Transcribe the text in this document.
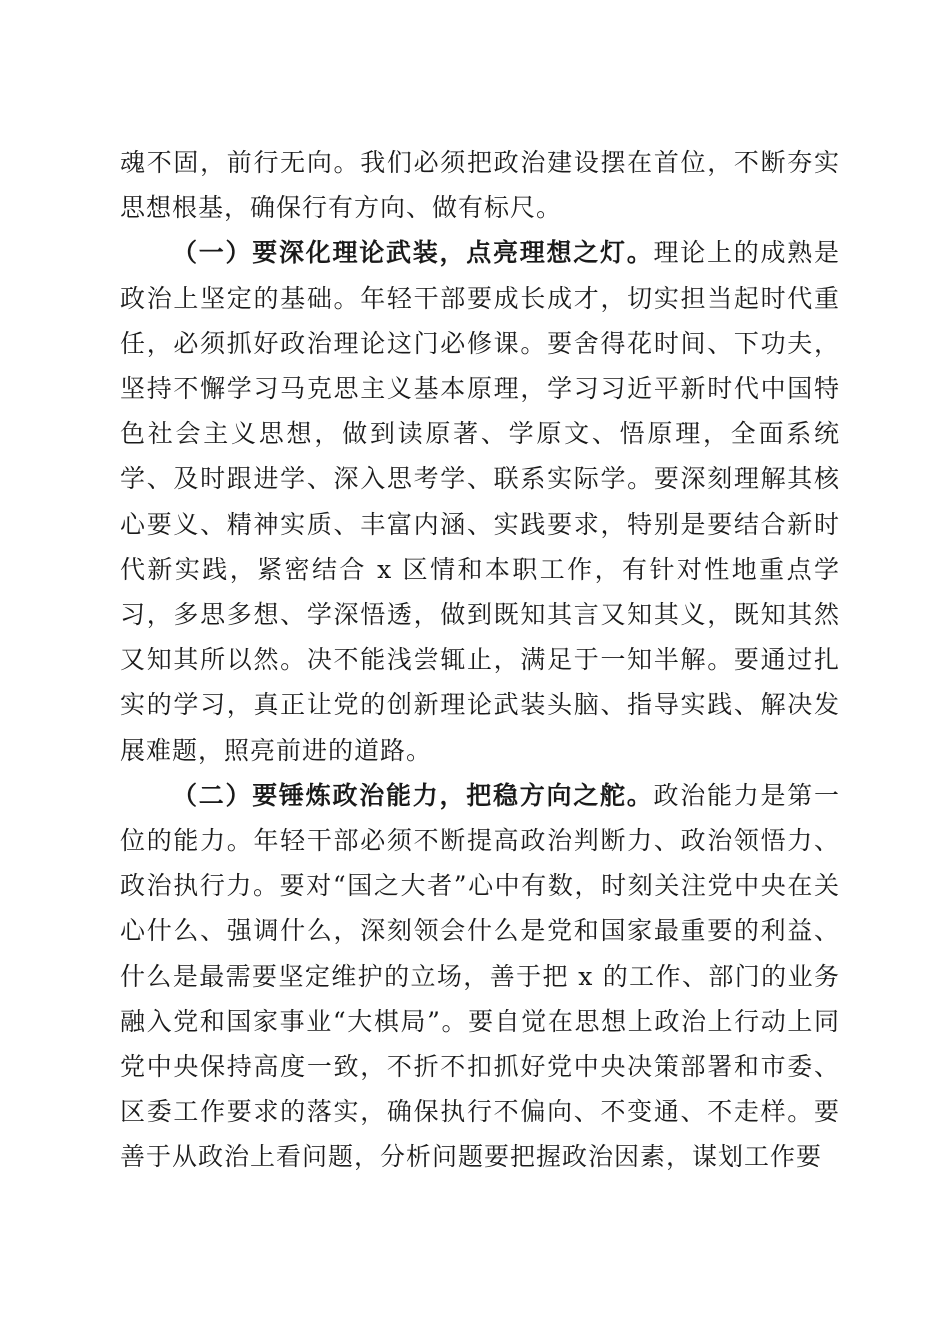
魂不固，前行无向。我们必须把政治建设摆在首位，不断夯实思想根基，确保行有方向、做有标尺。

（一）要深化理论武装，点亮理想之灯。理论上的成熟是政治上坚定的基础。年轻干部要成长成才，切实担当起时代重任，必须抓好政治理论这门必修课。要舍得花时间、下功夫，坚持不懈学习马克思主义基本原理，学习习近平新时代中国特色社会主义思想，做到读原著、学原文、悟原理，全面系统学、及时跟进学、深入思考学、联系实际学。要深刻理解其核心要义、精神实质、丰富内涵、实践要求，特别是要结合新时代新实践，紧密结合 x 区情和本职工作，有针对性地重点学习，多思多想、学深悟透，做到既知其言又知其义，既知其然又知其所以然。决不能浅尝辄止，满足于一知半解。要通过扎实的学习，真正让党的创新理论武装头脑、指导实践、解决发展难题，照亮前进的道路。

（二）要锤炼政治能力，把稳方向之舵。政治能力是第一位的能力。年轻干部必须不断提高政治判断力、政治领悟力、政治执行力。要对“国之大者”心中有数，时刻关注党中央在关心什么、强调什么，深刻领会什么是党和国家最重要的利益、什么是最需要坚定维护的立场，善于把 x 的工作、部门的业务融入党和国家事业“大棋局”。要自觉在思想上政治上行动上同党中央保持高度一致，不折不扣抓好党中央决策部署和市委、区委工作要求的落实，确保执行不偏向、不变通、不走样。要善于从政治上看问题，分析问题要把握政治因素，谋划工作要
